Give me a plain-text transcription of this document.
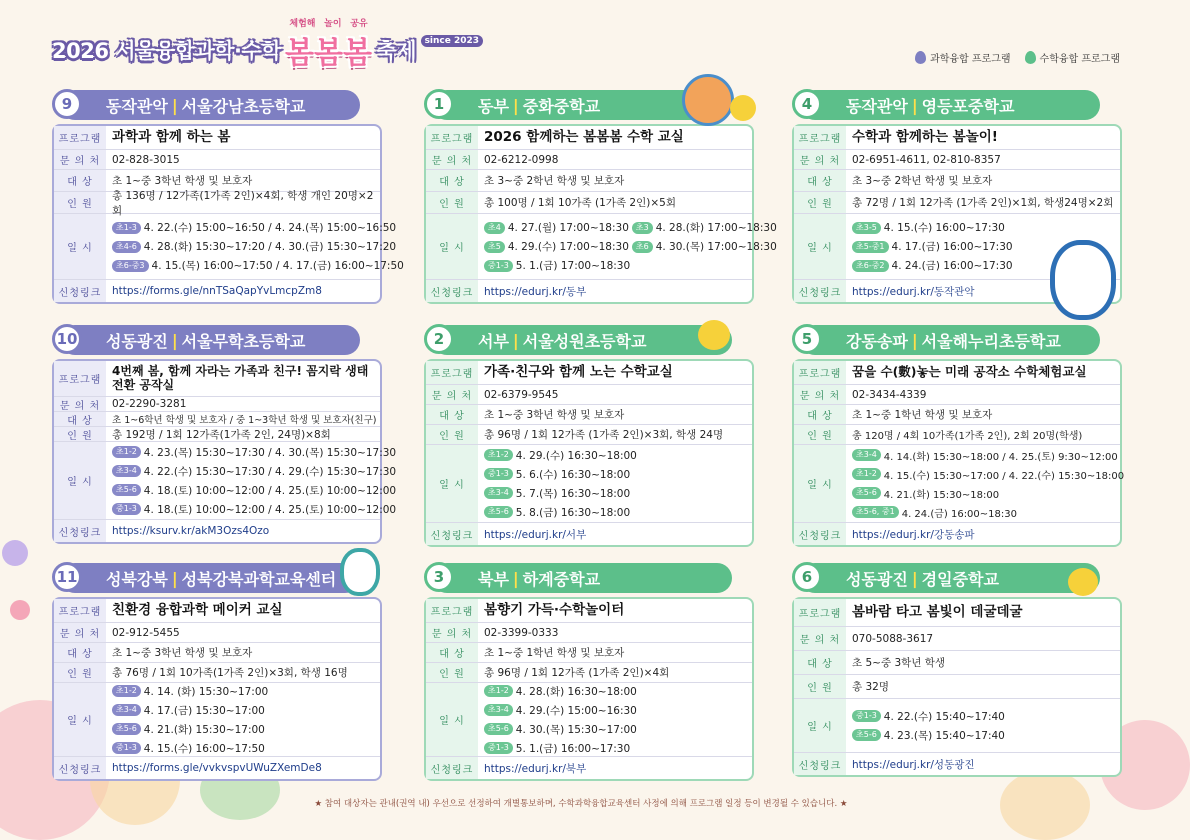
2026 서울융합과학·수학
체험해 놀이 공유
봄봄봄 축제 since 2023
과학융합 프로그램	수학융합 프로그램
9	동작관악 | 서울강남초등학교
프로그램 과학과 함께 하는 봄
문 의 처	02-828-3015
대 상	초 1~중 3학년 학생 및 보호자
인 원
총 136명 / 12가족(1가족 2인)×4회, 학생 개인 20명×2회
일 시
초1-3 4. 22.(수) 15:00~16:50 / 4. 24.(목) 15:00~16:50
초4-6 4. 28.(화) 15:30~17:20 / 4. 30.(금) 15:30~17:20
초6-중3 4. 15.(목) 16:00~17:50 / 4. 17.(금) 16:00~17:50
신청링크	https://forms.gle/nnTSaQapYvLmcpZm8
10 성동광진 | 서울무학초등학교
프로그램
4번째 봄, 함께 자라는 가족과 친구! 꼼지락 생태전환 공작실
문 의 처	02-2290-3281
대 상	초 1~6학년 학생 및 보호자 / 중 1~3학년 학생 및 보호자(친구)
인 원	총 192명 / 1회 12가족(1가족 2인, 24명)×8회
일 시
초1-2 4. 23.(목) 15:30~17:30 / 4. 30.(목) 15:30~17:30
초3-4 4. 22.(수) 15:30~17:30 / 4. 29.(수) 15:30~17:30
초5-6 4. 18.(토) 10:00~12:00 / 4. 25.(토) 10:00~12:00
중1-3 4. 18.(토) 10:00~12:00 / 4. 25.(토) 10:00~12:00
신청링크	https://ksurv.kr/akM3Ozs4Ozo
11 성북강북 | 성북강북과학교육센터
프로그램 친환경 융합과학 메이커 교실
문 의 처	02-912-5455
대 상	초 1~중 3학년 학생 및 보호자
인 원	총 76명 / 1회 10가족(1가족 2인)×3회, 학생 16명
일 시
초1-2 4. 14. (화) 15:30~17:00
초3-4 4. 17.(금) 15:30~17:00
초5-6 4. 21.(화) 15:30~17:00
중1-3 4. 15.(수) 16:00~17:50
신청링크	https://forms.gle/vvkvspvUWuZXemDe8
1	동부 | 중화중학교
프로그램 2026 함께하는 봄봄봄 수학 교실
문 의 처	02-6212-0998
대 상	초 3~중 2학년 학생 및 보호자
인 원	총 100명 / 1회 10가족 (1가족 2인)×5회
일 시
초4 4. 27.(월) 17:00~18:30 초3 4. 28.(화) 17:00~18:30
초5 4. 29.(수) 17:00~18:30 초6 4. 30.(목) 17:00~18:30
중1-3 5. 1.(금) 17:00~18:30
신청링크	https://edurj.kr/동부
2	서부 | 서울성원초등학교
프로그램 가족·친구와 함께 노는 수학교실
문 의 처	02-6379-9545
대 상	초 1~중 3학년 학생 및 보호자
인 원	총 96명 / 1회 12가족 (1가족 2인)×3회, 학생 24명
일 시
초1-2 4. 29.(수) 16:30~18:00
중1-3 5. 6.(수) 16:30~18:00
초3-4 5. 7.(목) 16:30~18:00
초5-6 5. 8.(금) 16:30~18:00
신청링크	https://edurj.kr/서부
3	북부 | 하계중학교
프로그램 봄향기 가득·수학놀이터
문 의 처	02-3399-0333
대 상	초 1~중 1학년 학생 및 보호자
인 원	총 96명 / 1회 12가족 (1가족 2인)×4회
일 시
초1-2 4. 28.(화) 16:30~18:00
초3-4 4. 29.(수) 15:00~16:30
초5-6 4. 30.(목) 15:30~17:00
중1-3 5. 1.(금) 16:00~17:30
신청링크	https://edurj.kr/북부
4	동작관악 | 영등포중학교
프로그램 수학과 함께하는 봄놀이!
문 의 처	02-6951-4611, 02-810-8357
대 상	초 3~중 2학년 학생 및 보호자
인 원	총 72명 / 1회 12가족 (1가족 2인)×1회, 학생24명×2회
일 시
초3-5 4. 15.(수) 16:00~17:30
초5-중1 4. 17.(금) 16:00~17:30
초6-중2 4. 24.(금) 16:00~17:30
신청링크	https://edurj.kr/동작관악
5	강동송파 | 서울해누리초등학교
프로그램 꿈을 수(數)놓는 미래 공작소 수학체험교실
문 의 처	02-3434-4339
대 상	초 1~중 1학년 학생 및 보호자
인 원	총 120명 / 4회 10가족(1가족 2인), 2회 20명(학생)
일 시
초3-4 4. 14.(화) 15:30~18:00 / 4. 25.(토) 9:30~12:00
초1-2 4. 15.(수) 15:30~17:00 / 4. 22.(수) 15:30~18:00
초5-6 4. 21.(화) 15:30~18:00
초5-6, 중1 4. 24.(금) 16:00~18:30
신청링크	https://edurj.kr/강동송파
6	성동광진 | 경일중학교
프로그램 봄바람 타고 봄빛이 데굴데굴
문 의 처	070-5088-3617
대 상	초 5~중 3학년 학생
인 원	총 32명
일 시
중1-3 4. 22.(수) 15:40~17:40
초5-6 4. 23.(목) 15:40~17:40
신청링크	https://edurj.kr/성동광진
★ 참여 대상자는 관내(권역 내) 우선으로 선정하여 개별통보하며, 수학과학융합교육센터 사정에 의해 프로그램 일정 등이 변경될 수 있습니다. ★
